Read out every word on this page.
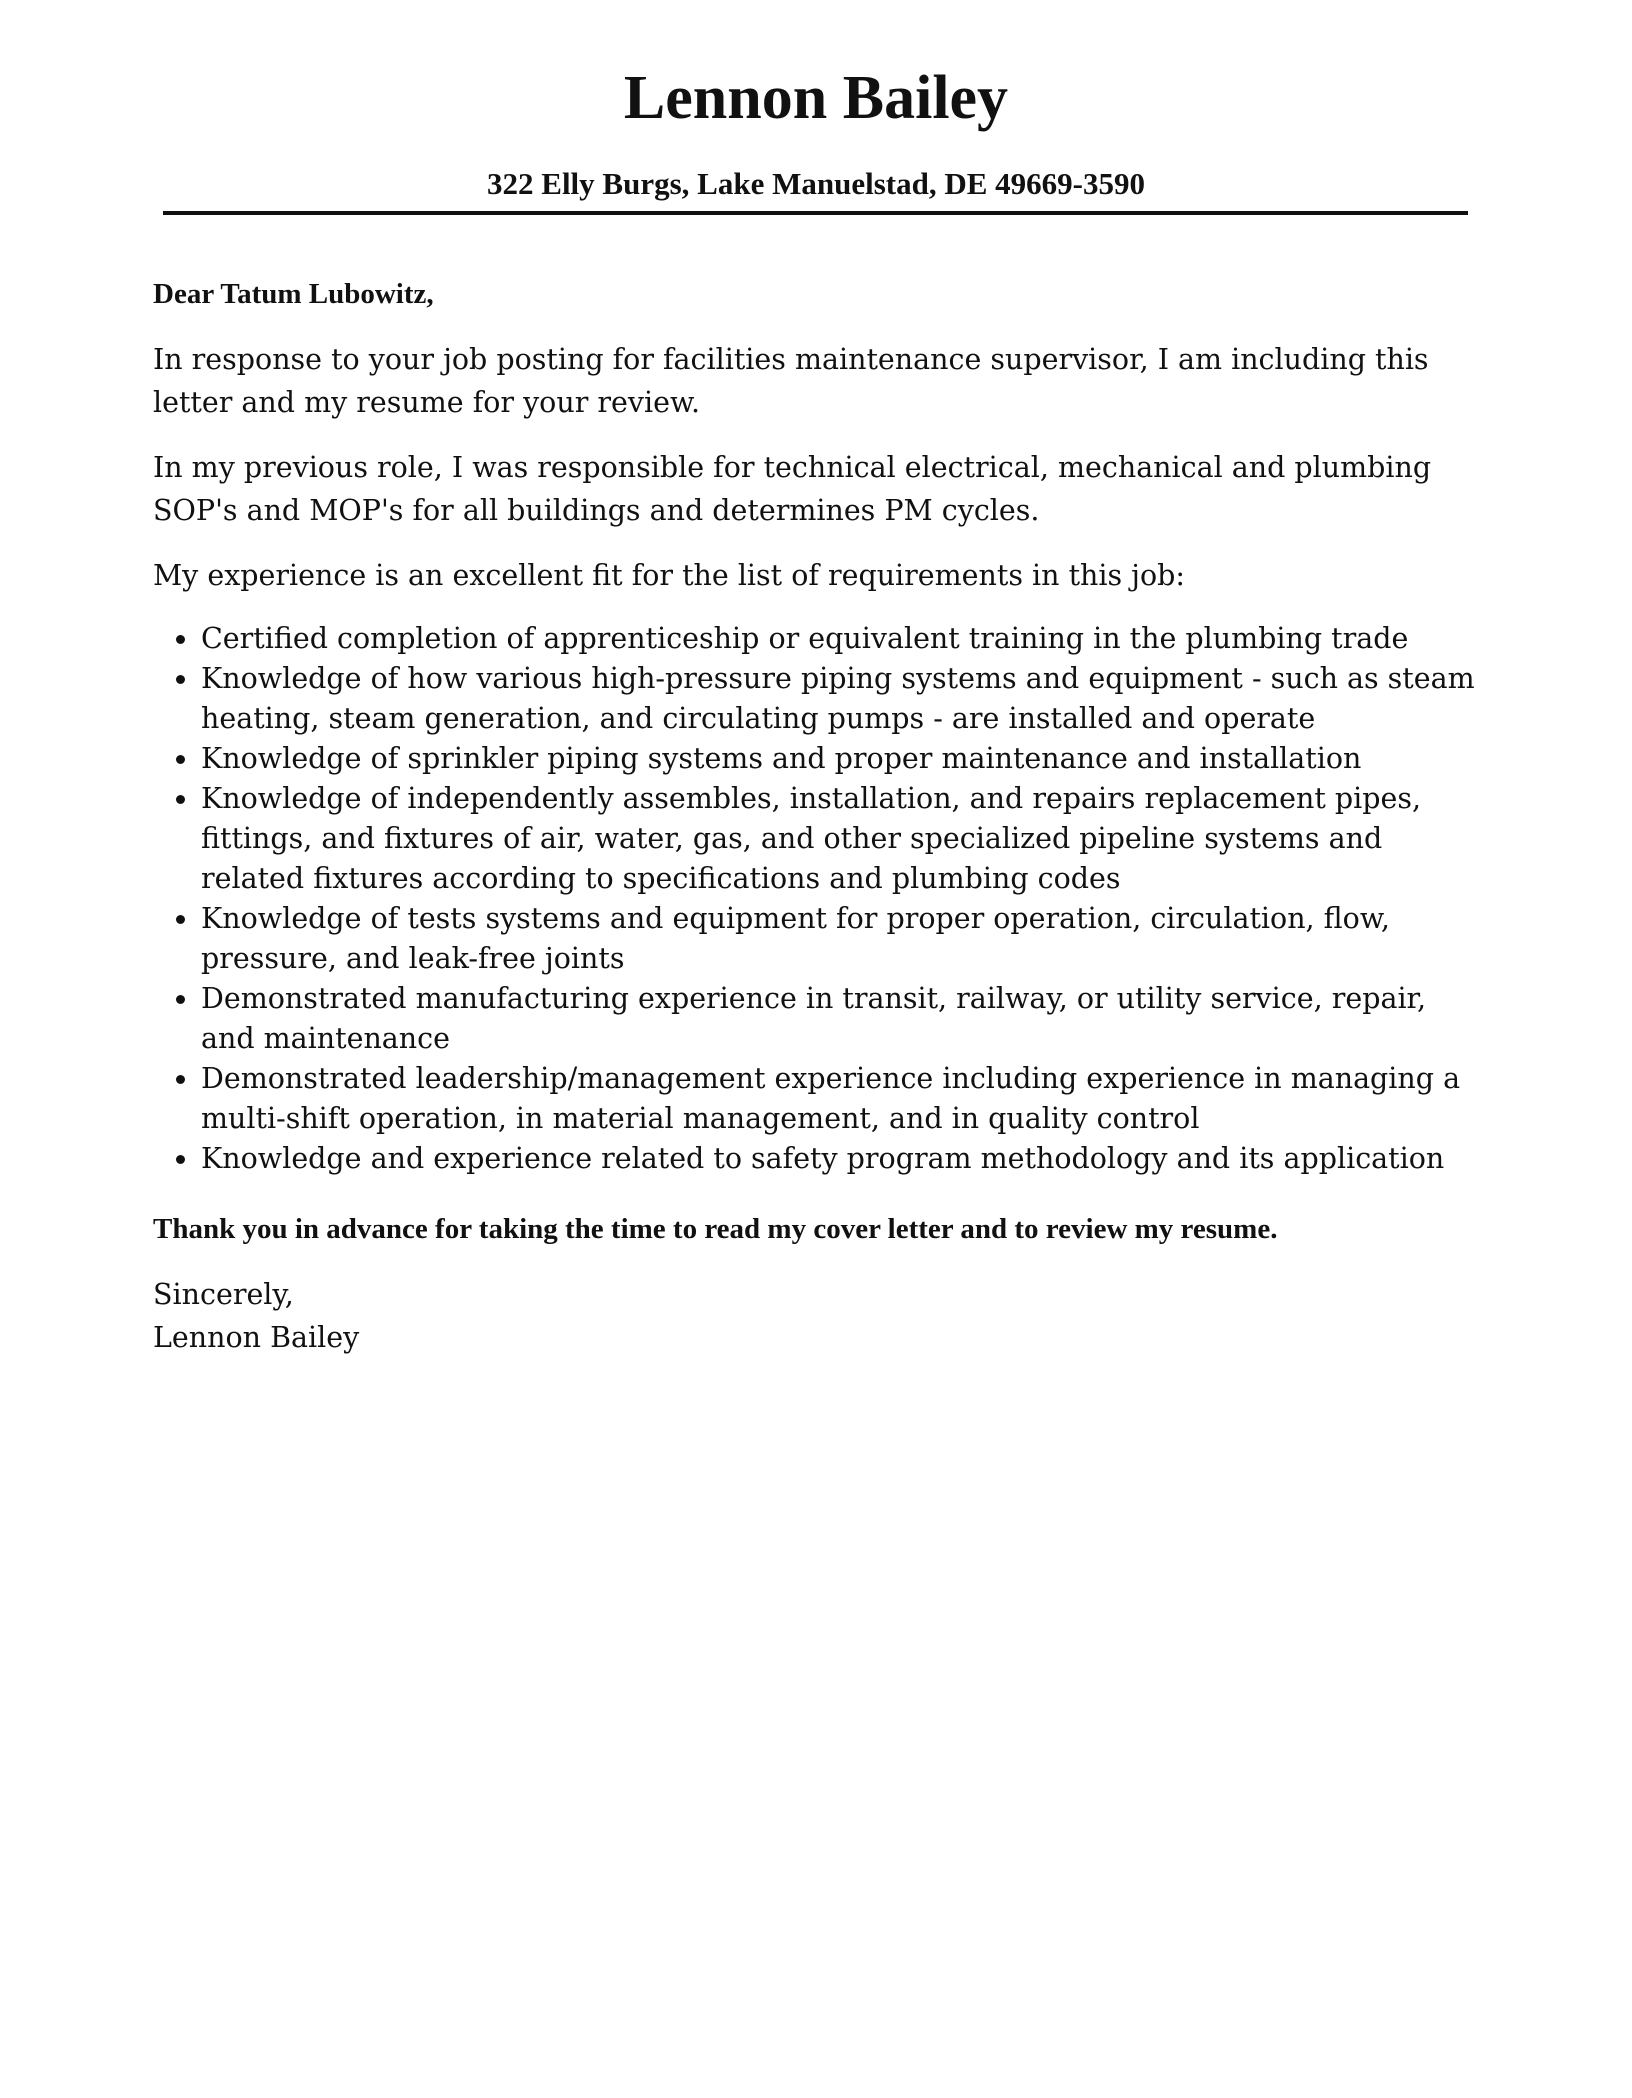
Lennon Bailey
322 Elly Burgs, Lake Manuelstad, DE 49669-3590

Dear Tatum Lubowitz,

In response to your job posting for facilities maintenance supervisor, I am including this letter and my resume for your review.

In my previous role, I was responsible for technical electrical, mechanical and plumbing SOP's and MOP's for all buildings and determines PM cycles.

My experience is an excellent fit for the list of requirements in this job:

Certified completion of apprenticeship or equivalent training in the plumbing trade
Knowledge of how various high-pressure piping systems and equipment - such as steam heating, steam generation, and circulating pumps - are installed and operate
Knowledge of sprinkler piping systems and proper maintenance and installation
Knowledge of independently assembles, installation, and repairs replacement pipes, fittings, and fixtures of air, water, gas, and other specialized pipeline systems and related fixtures according to specifications and plumbing codes
Knowledge of tests systems and equipment for proper operation, circulation, flow, pressure, and leak-free joints
Demonstrated manufacturing experience in transit, railway, or utility service, repair, and maintenance
Demonstrated leadership/management experience including experience in managing a multi-shift operation, in material management, and in quality control
Knowledge and experience related to safety program methodology and its application

Thank you in advance for taking the time to read my cover letter and to review my resume.

Sincerely,

Lennon Bailey
